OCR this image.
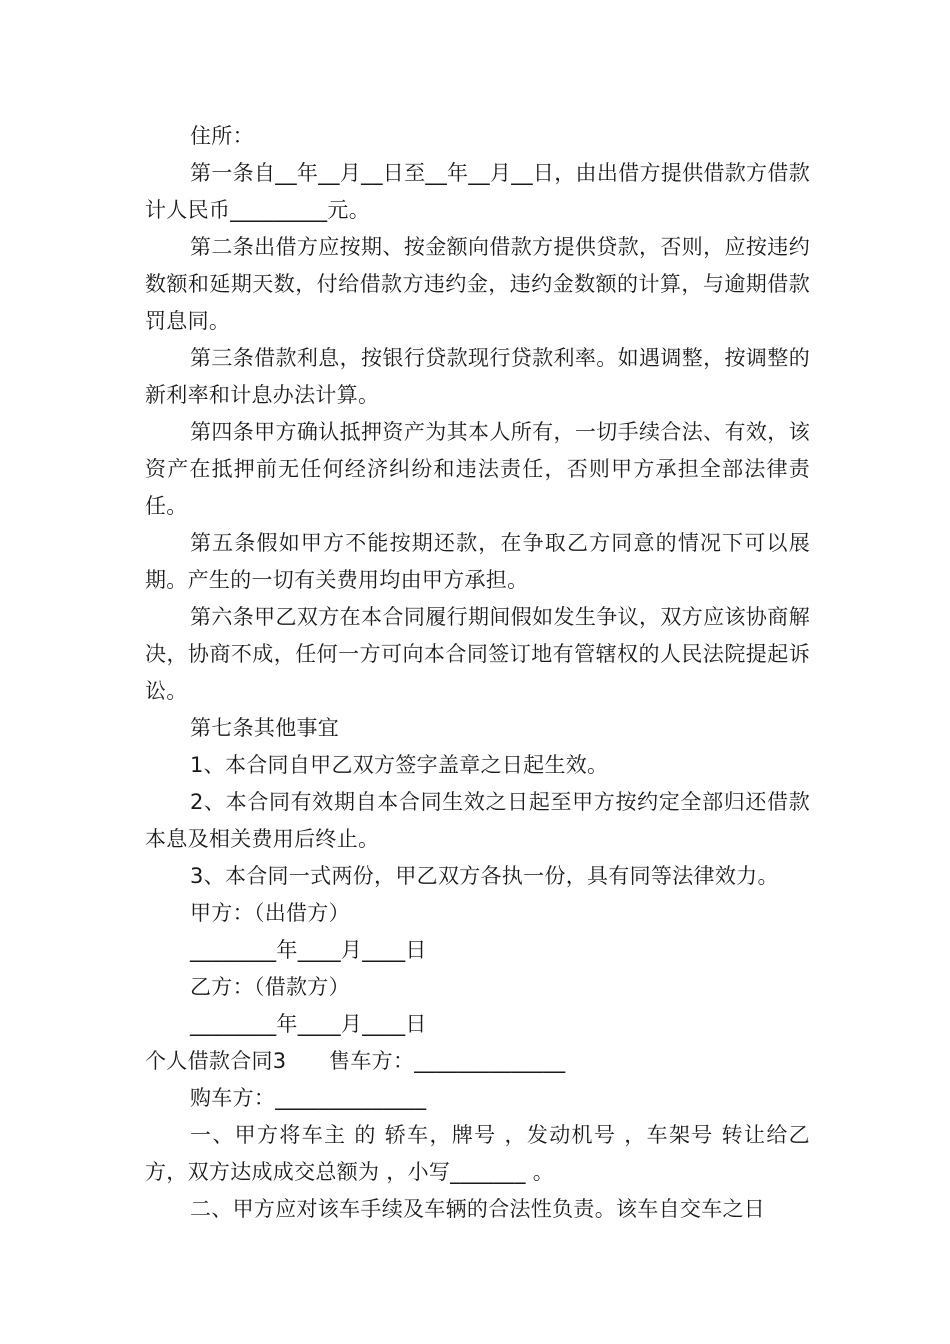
住所：

第一条自__年__月__日至__年__月__日，由出借方提供借款方借款计人民币_________元。

第二条出借方应按期、按金额向借款方提供贷款，否则，应按违约数额和延期天数，付给借款方违约金，违约金数额的计算，与逾期借款罚息同。

第三条借款利息，按银行贷款现行贷款利率。如遇调整，按调整的新利率和计息办法计算。

第四条甲方确认抵押资产为其本人所有，一切手续合法、有效，该资产在抵押前无任何经济纠纷和违法责任，否则甲方承担全部法律责任。

第五条假如甲方不能按期还款，在争取乙方同意的情况下可以展期。产生的一切有关费用均由甲方承担。

第六条甲乙双方在本合同履行期间假如发生争议，双方应该协商解决，协商不成，任何一方可向本合同签订地有管辖权的人民法院提起诉讼。

第七条其他事宜

1、本合同自甲乙双方签字盖章之日起生效。

2、本合同有效期自本合同生效之日起至甲方按约定全部归还借款本息及相关费用后终止。

3、本合同一式两份，甲乙双方各执一份，具有同等法律效力。

甲方：（出借方）

________年____月____日

乙方：（借款方）

________年____月____日

个人借款合同3　　售车方：______________

购车方：______________

一、甲方将车主 的 轿车，牌号 ，发动机号 ，车架号 转让给乙方，双方达成成交总额为 ，小写_______ 。

二、甲方应对该车手续及车辆的合法性负责。该车自交车之日
